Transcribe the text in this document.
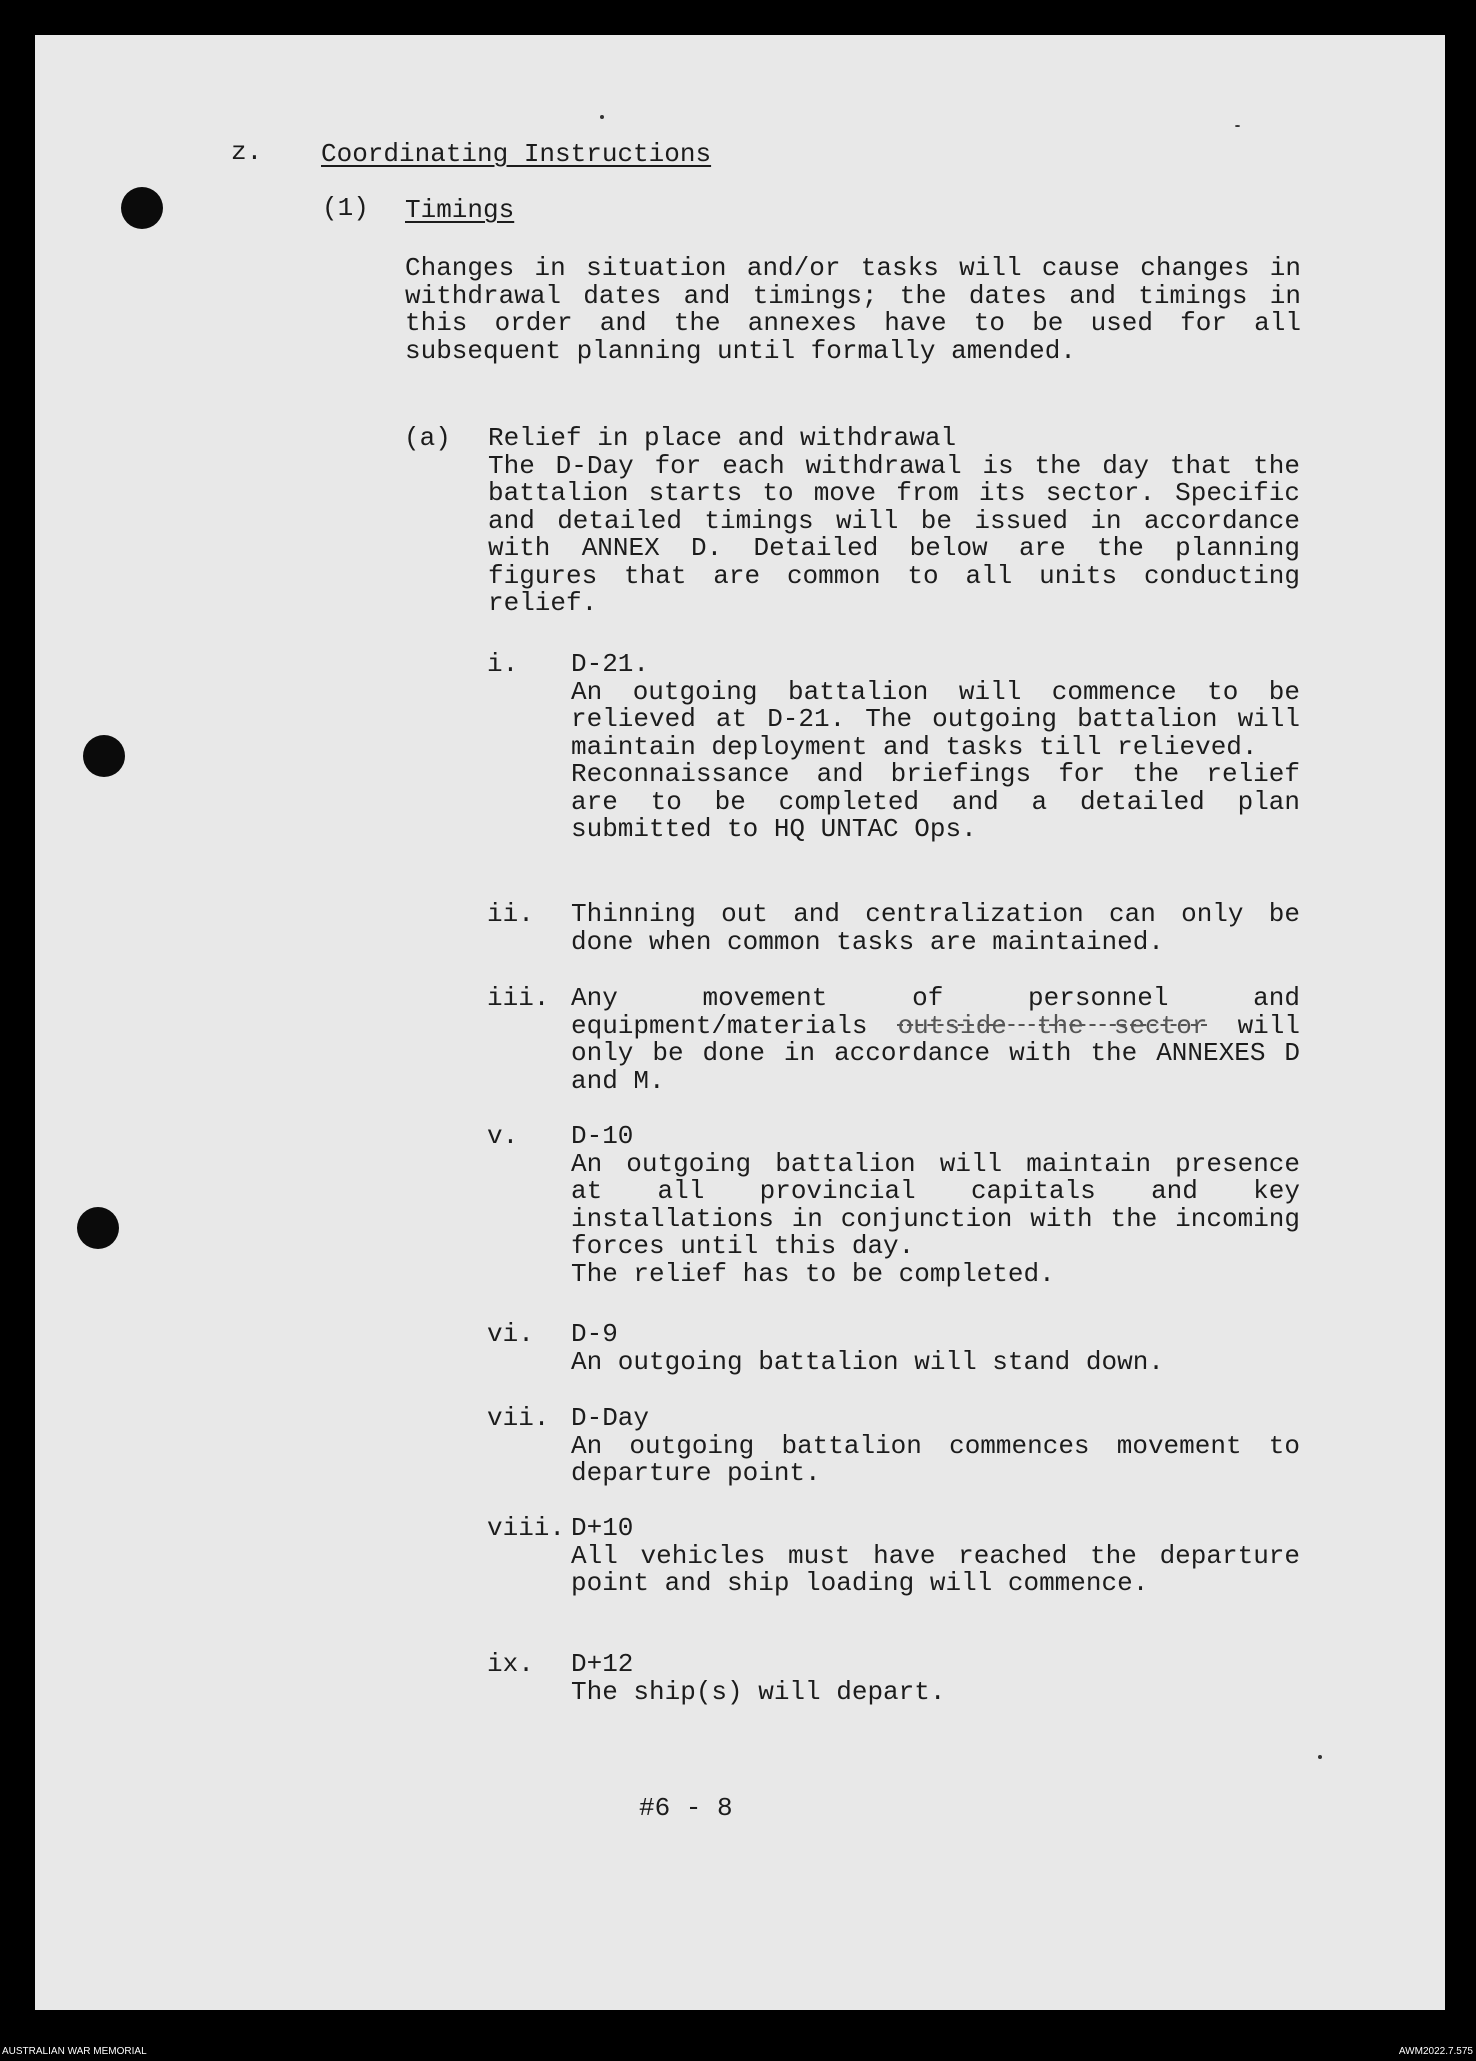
z. Coordinating Instructions
(1) Timings
Changes in situation and/or tasks will cause changes in withdrawal dates and timings; the dates and timings in this order and the annexes have to be used for all subsequent planning until formally amended.
(a) Relief in place and withdrawal
The D-Day for each withdrawal is the day that the battalion starts to move from its sector. Specific and detailed timings will be issued in accordance with ANNEX D. Detailed below are the planning figures that are common to all units conducting relief.
i. D-21.
An outgoing battalion will commence to be relieved at D-21. The outgoing battalion will maintain deployment and tasks till relieved.
Reconnaissance and briefings for the relief are to be completed and a detailed plan submitted to HQ UNTAC Ops.
ii. Thinning out and centralization can only be done when common tasks are maintained.
iii. Any movement of personnel and equipment/materials outside the sector will only be done in accordance with the ANNEXES D and M.
v. D-10
An outgoing battalion will maintain presence at all provincial capitals and key installations in conjunction with the incoming forces until this day.
The relief has to be completed.
vi. D-9
An outgoing battalion will stand down.
vii. D-Day
An outgoing battalion commences movement to departure point.
viii. D+10
All vehicles must have reached the departure point and ship loading will commence.
ix. D+12
The ship(s) will depart.
#6 - 8
AUSTRALIAN WAR MEMORIAL	AWM2022.7.575
